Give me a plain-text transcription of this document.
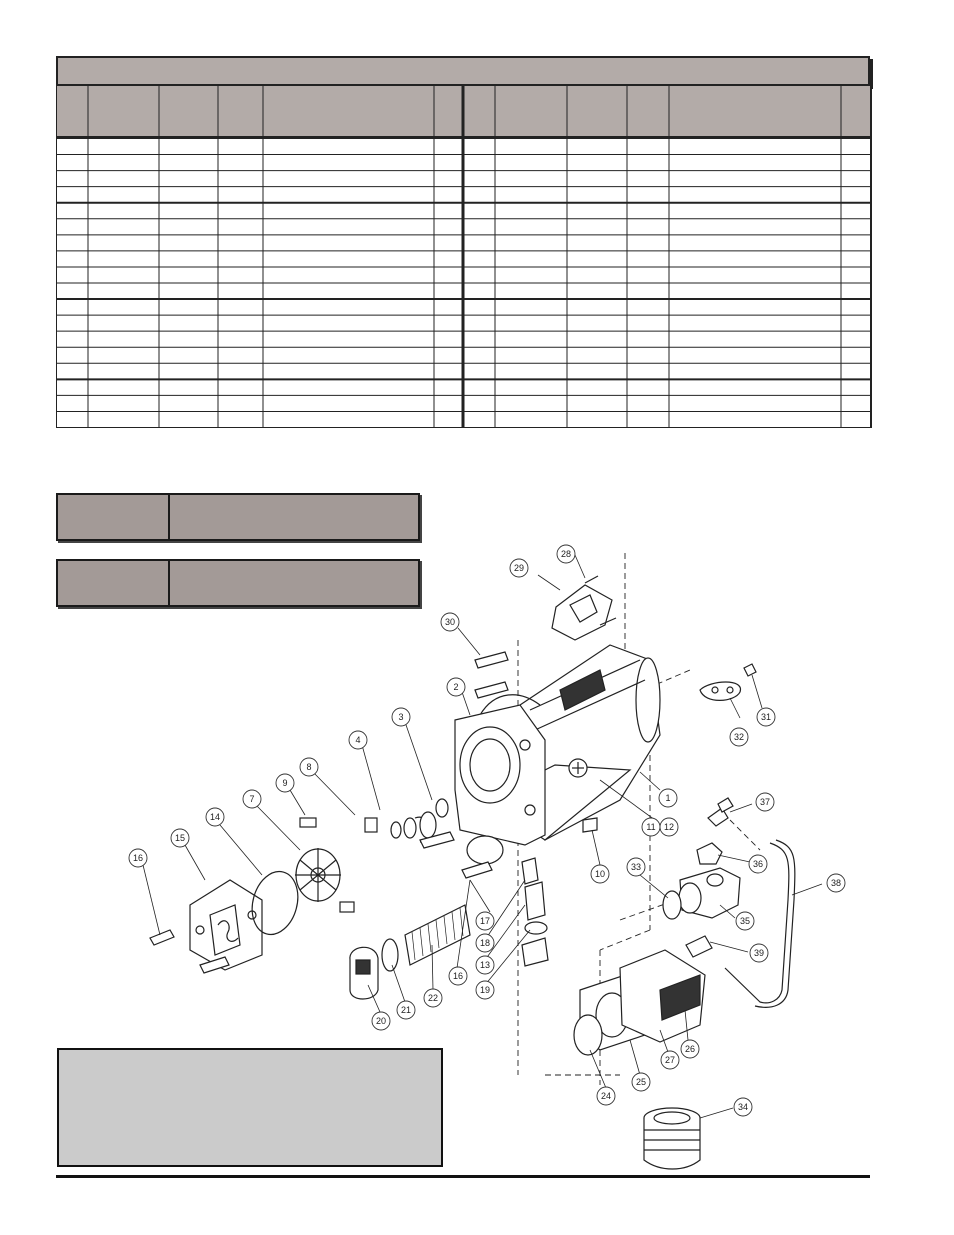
1
2
3
4
7
8
9
10
11 12
13
14
15
16
16
17
18
19
20
21
22
24
25
26
27
28
29
30
31
32
33
34
35
36
37
38
39
